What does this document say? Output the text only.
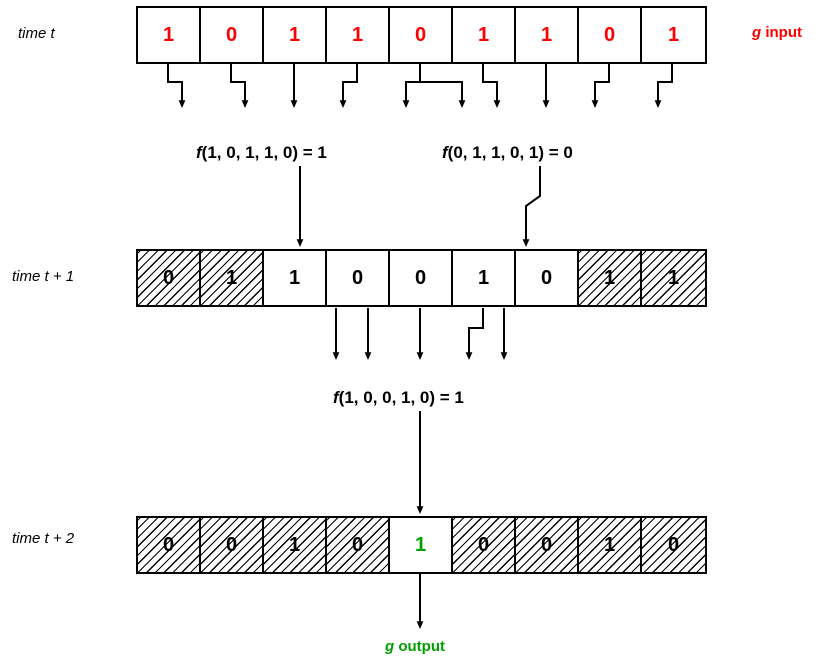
time t
time t + 1
time t + 2
1	0	1	1	0	1	1	0	1	g input
0	1	1	0	0	1	0	1	1
0	0	1	0	1	0	0	1	0
f(1, 0, 1, 1, 0) = 1	f(0, 1, 1, 0, 1) = 0
f(1, 0, 0, 1, 0) = 1
g output
